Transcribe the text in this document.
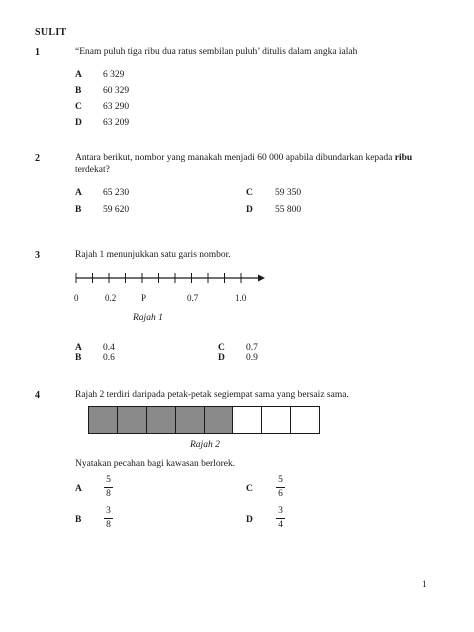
SULIT
1	“Enam puluh tiga ribu dua ratus sembilan puluh’ ditulis dalam angka ialah
A 6 329
B 60 329
C 63 290
D 63 209
2	Antara berikut, nombor yang manakah menjadi 60 000 apabila dibundarkan kepada ribu
terdekat?
A 65 230
B 59 620
C 59 350
D 55 800
3	Rajah 1 menunjukkan satu garis nombor.
0	0.2	P	0.7	1.0
Rajah 1
A 0.4
B 0.6
C 0.7
D 0.9
4	Rajah 2 terdiri daripada petak-petak segiempat sama yang bersaiz sama.
Rajah 2
Nyatakan pecahan bagi kawasan berlorek.
A
5
8
B
3
8
C
5
6
D
3
4
1
